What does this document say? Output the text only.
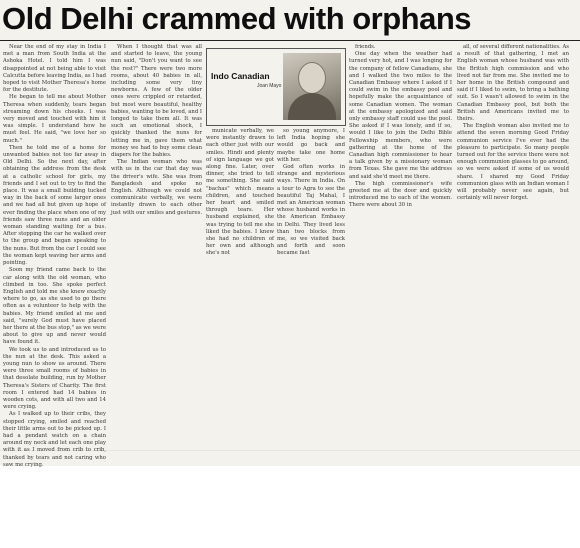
Old Delhi crammed with orphans

Near the end of my stay in India I met a man from South India at the Ashoka Hotel. I told him I was disappointed at not being able to visit Calcutta before leaving India, as I had hoped to visit Mother Theresa's home for the destitute.

He began to tell me about Mother Theresa when suddenly, tears began streaming down his cheeks. I was very moved and touched with him it was simple. I understand how he must feel. He said, "we love her so much."

Then he told me of a home for unwanted babies not too far away in Old Delhi. So the next day, after obtaining the address from the desk at a catholic school for girls, my friends and I set out to try to find the place. It was a small building tucked way in the back of some larger ones and we had all but given up hope of ever finding the place when one of my friends saw three nuns and an older woman standing waiting for a bus. After stopping the car he walked over to the group and began speaking to the nuns. But from the car I could see the woman kept waving her arms and pointing.

Soon my friend came back to the car along with the old woman, who climbed in too. She spoke perfect English and told me she knew exactly where to go, as she used to go there often as a volunteer to help with the babies. My friend smiled at me and said, "surely God must have placed her there at the bus stop," as we were about to give up and never would have found it.

We took us to and introduced us to the nun at the desk. This asked a young nun to show us around. There were three small rooms of babies in that desolate building, run by Mother Theresa's Sisters of Charity. The first room I entered had 14 babies in wooden cots, and with all two and 14 were crying.

As I walked up to their cribs, they stopped crying, smiled and reached their little arms out to be picked up. I had a pendant watch on a chain around my neck and let each one play with it as I moved from crib to crib, thanked by tears and not caring who saw me crying.

When I thought that was all and started to leave, the young nun said, "Don't you want to see the rest?" There were two more rooms, about 40 babies in all, including some very tiny newborns. A few of the older ones were crippled or retarded, but most were beautiful, healthy babies, wanting to be loved, and I longed to take them all. It was such an emotional shock, I quickly thanked the nuns for letting me in, gave them what money we had to buy some clean diapers for the babies.

The Indian woman who was with us in the car that day was the driver's wife. She was from Bangladesh and spoke no English. Although we could not communicate verbally, we were instantly drawn to each other just with our smiles and gestures.

Indo Canadian
Joan Mayo

municate verbally, we were instantly drawn to each other just with our smiles. Hindi and plenty of sign language we got along fine. Later, over dinner, she tried to tell me something. She said "bachas" which means children, and touched her heart and smiled through tears. Her husband explained, she was trying to tell me she liked the babies. I knew she had no children of her own and although she's not

so young anymore, I left India hoping she would go back and maybe take one home with her.

God often works in strange and mysterious ways. There in India. On a tour to Agra to see the beautiful Taj Mahal, I met an American woman whose husband works in the American Embassy in Delhi. They lived less than two blocks from me, so we visited back and forth and soon became fast

friends.

One day when the weather had turned very hot, and I was longing for the company of fellow Canadians, she and I walked the two miles to the Canadian Embassy where I asked if I could swim in the embassy pool and hopefully make the acquaintance of some Canadian women. The woman at the embassy apologized and said only embassy staff could use the pool. She asked if I was lonely, and if so, would I like to join the Delhi Bible Fellowship members, who were gathering at the home of the Canadian high commissioner to hear a talk given by a missionary woman from Texas. She gave me the address and said she'd meet me there.

The high commissioner's wife greeted me at the door and quickly introduced me to each of the women. There were about 30 in

all, of several different nationalities. As a result of that gathering, I met an English woman whose husband was with the British high commission and who lived not far from me. She invited me to her home in the British compound and said if I liked to swim, to bring a bathing suit. So I wasn't allowed to swim in the Canadian Embassy pool, but both the British and Americans invited me to theirs.

The English woman also invited me to attend the seven morning Good Friday communion service I've ever had the pleasure to participate. So many people turned out for the service there were not enough communion glasses to go around, so we were asked if some of us would share. I shared my Good Friday communion glass with an Indian woman I will probably never see again, but certainly will never forget.
